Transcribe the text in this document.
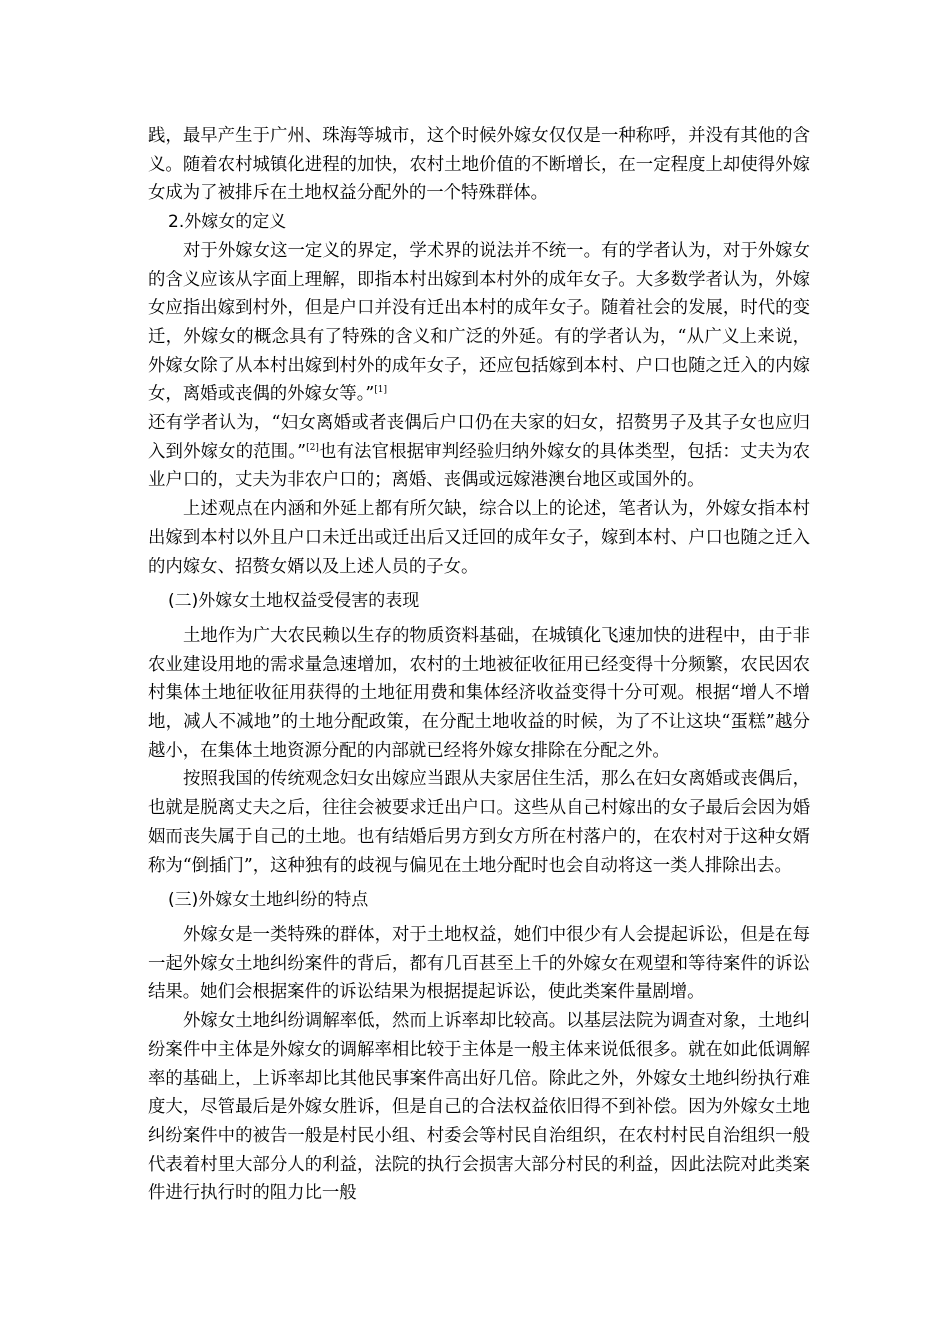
践，最早产生于广州、珠海等城市，这个时候外嫁女仅仅是一种称呼，并没有其他的含义。随着农村城镇化进程的加快，农村土地价值的不断增长，在一定程度上却使得外嫁女成为了被排斥在土地权益分配外的一个特殊群体。

2.外嫁女的定义

对于外嫁女这一定义的界定，学术界的说法并不统一。有的学者认为，对于外嫁女的含义应该从字面上理解，即指本村出嫁到本村外的成年女子。大多数学者认为，外嫁女应指出嫁到村外，但是户口并没有迁出本村的成年女子。随着社会的发展，时代的变迁，外嫁女的概念具有了特殊的含义和广泛的外延。有的学者认为，“从广义上来说，外嫁女除了从本村出嫁到村外的成年女子，还应包括嫁到本村、户口也随之迁入的内嫁女，离婚或丧偶的外嫁女等。”[1]
还有学者认为，“妇女离婚或者丧偶后户口仍在夫家的妇女，招赘男子及其子女也应归入到外嫁女的范围。”[2]也有法官根据审判经验归纳外嫁女的具体类型，包括：丈夫为农业户口的，丈夫为非农户口的；离婚、丧偶或远嫁港澳台地区或国外的。

上述观点在内涵和外延上都有所欠缺，综合以上的论述，笔者认为，外嫁女指本村出嫁到本村以外且户口未迁出或迁出后又迁回的成年女子，嫁到本村、户口也随之迁入的内嫁女、招赘女婿以及上述人员的子女。

(二)外嫁女土地权益受侵害的表现

土地作为广大农民赖以生存的物质资料基础，在城镇化飞速加快的进程中，由于非农业建设用地的需求量急速增加，农村的土地被征收征用已经变得十分频繁，农民因农村集体土地征收征用获得的土地征用费和集体经济收益变得十分可观。根据“增人不增地，减人不减地”的土地分配政策，在分配土地收益的时候，为了不让这块“蛋糕”越分越小，在集体土地资源分配的内部就已经将外嫁女排除在分配之外。

按照我国的传统观念妇女出嫁应当跟从夫家居住生活，那么在妇女离婚或丧偶后，也就是脱离丈夫之后，往往会被要求迁出户口。这些从自己村嫁出的女子最后会因为婚姻而丧失属于自己的土地。也有结婚后男方到女方所在村落户的，在农村对于这种女婿称为“倒插门”，这种独有的歧视与偏见在土地分配时也会自动将这一类人排除出去。

(三)外嫁女土地纠纷的特点

外嫁女是一类特殊的群体，对于土地权益，她们中很少有人会提起诉讼，但是在每一起外嫁女土地纠纷案件的背后，都有几百甚至上千的外嫁女在观望和等待案件的诉讼结果。她们会根据案件的诉讼结果为根据提起诉讼，使此类案件量剧增。

外嫁女土地纠纷调解率低，然而上诉率却比较高。以基层法院为调查对象，土地纠纷案件中主体是外嫁女的调解率相比较于主体是一般主体来说低很多。就在如此低调解率的基础上，上诉率却比其他民事案件高出好几倍。除此之外，外嫁女土地纠纷执行难度大，尽管最后是外嫁女胜诉，但是自己的合法权益依旧得不到补偿。因为外嫁女土地纠纷案件中的被告一般是村民小组、村委会等村民自治组织，在农村村民自治组织一般代表着村里大部分人的利益，法院的执行会损害大部分村民的利益，因此法院对此类案件进行执行时的阻力比一般
